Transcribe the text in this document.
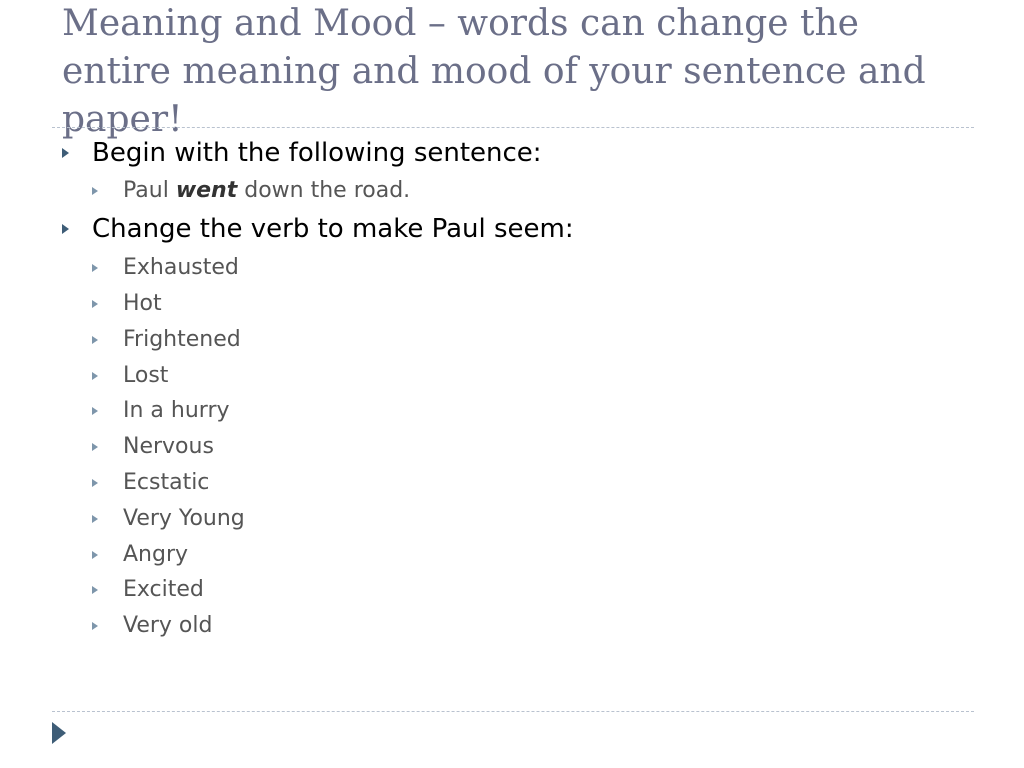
Meaning and Mood – words can change the entire meaning and mood of your sentence and paper!
Begin with the following sentence:
Paul went down the road.
Change the verb to make Paul seem:
Exhausted
Hot
Frightened
Lost
In a hurry
Nervous
Ecstatic
Very Young
Angry
Excited
Very old
